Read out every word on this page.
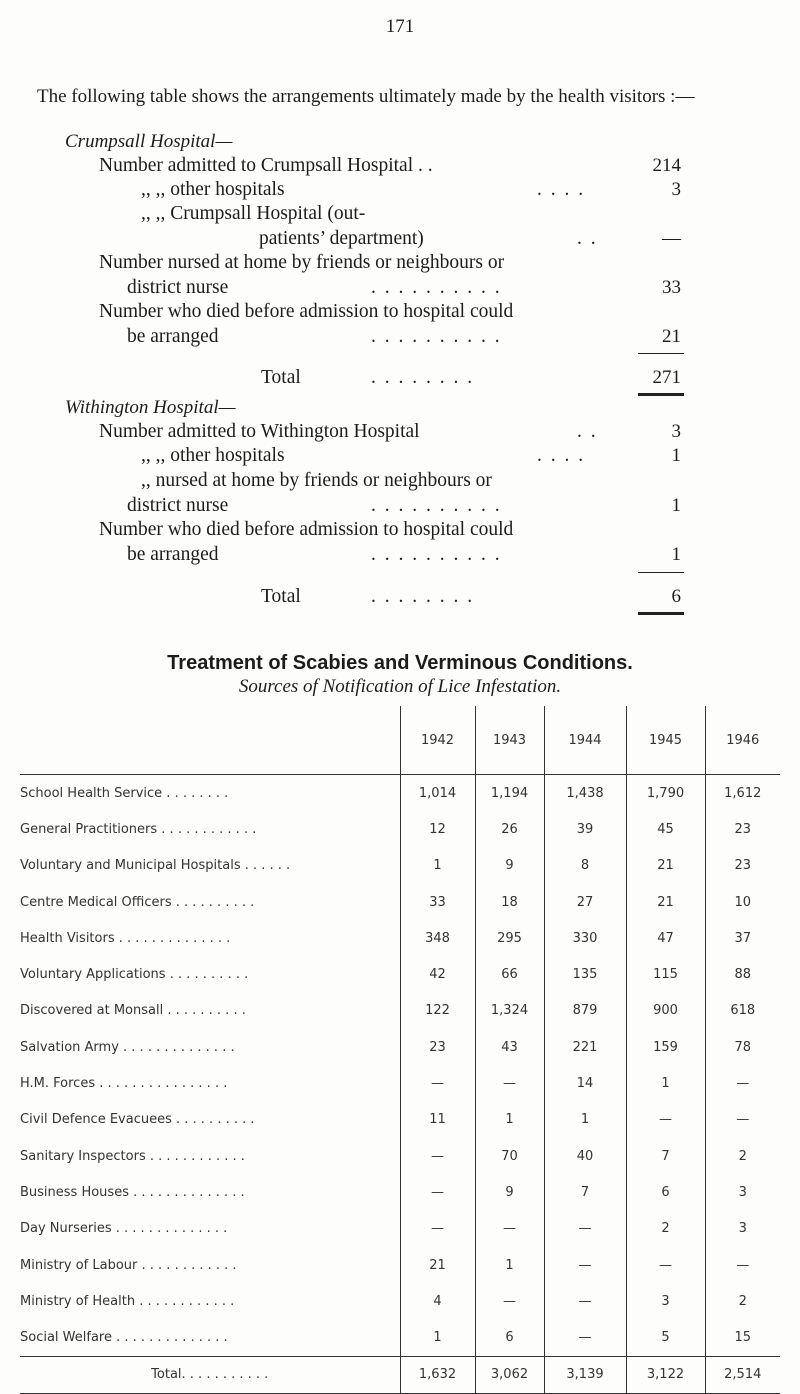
171
The following table shows the arrangements ultimately made by the health visitors :—
Crumpsall Hospital—
Number admitted to Crumpsall Hospital . .	214
,, ,, other hospitals	. . . .	3
,, ,, Crumpsall Hospital (out-
patients’ department)	. .	—
Number nursed at home by friends or neighbours or
district nurse	. . . . . . . . . .	33
Number who died before admission to hospital could
be arranged	. . . . . . . . . .	21
Total	. . . . . . . .	271
Withington Hospital—
Number admitted to Withington Hospital	. .	3
,, ,, other hospitals	. . . .	1
,, nursed at home by friends or neighbours or
district nurse	. . . . . . . . . .	1
Number who died before admission to hospital could
be arranged	. . . . . . . . . .	1
Total	. . . . . . . .	6
Treatment of Scabies and Verminous Conditions.
Sources of Notification of Lice Infestation.
	1942	1943	1944	1945	1946
School Health Service . . . . . . . .	1,014	1,194	1,438	1,790	1,612
General Practitioners . . . . . . . . . . . .	12	26	39	45	23
Voluntary and Municipal Hospitals . . . . . .	1	9	8	21	23
Centre Medical Officers . . . . . . . . . .	33	18	27	21	10
Health Visitors . . . . . . . . . . . . . .	348	295	330	47	37
Voluntary Applications . . . . . . . . . .	42	66	135	115	88
Discovered at Monsall . . . . . . . . . .	122	1,324	879	900	618
Salvation Army . . . . . . . . . . . . . .	23	43	221	159	78
H.M. Forces . . . . . . . . . . . . . . . .	—	—	14	1	—
Civil Defence Evacuees . . . . . . . . . .	11	1	1	—	—
Sanitary Inspectors . . . . . . . . . . . .	—	70	40	7	2
Business Houses . . . . . . . . . . . . . .	—	9	7	6	3
Day Nurseries . . . . . . . . . . . . . .	—	—	—	2	3
Ministry of Labour . . . . . . . . . . . .	21	1	—	—	—
Ministry of Health . . . . . . . . . . . .	4	—	—	3	2
Social Welfare . . . . . . . . . . . . . .	1	6	—	5	15
Total. . . . . . . . . . .	1,632	3,062	3,139	3,122	2,514
